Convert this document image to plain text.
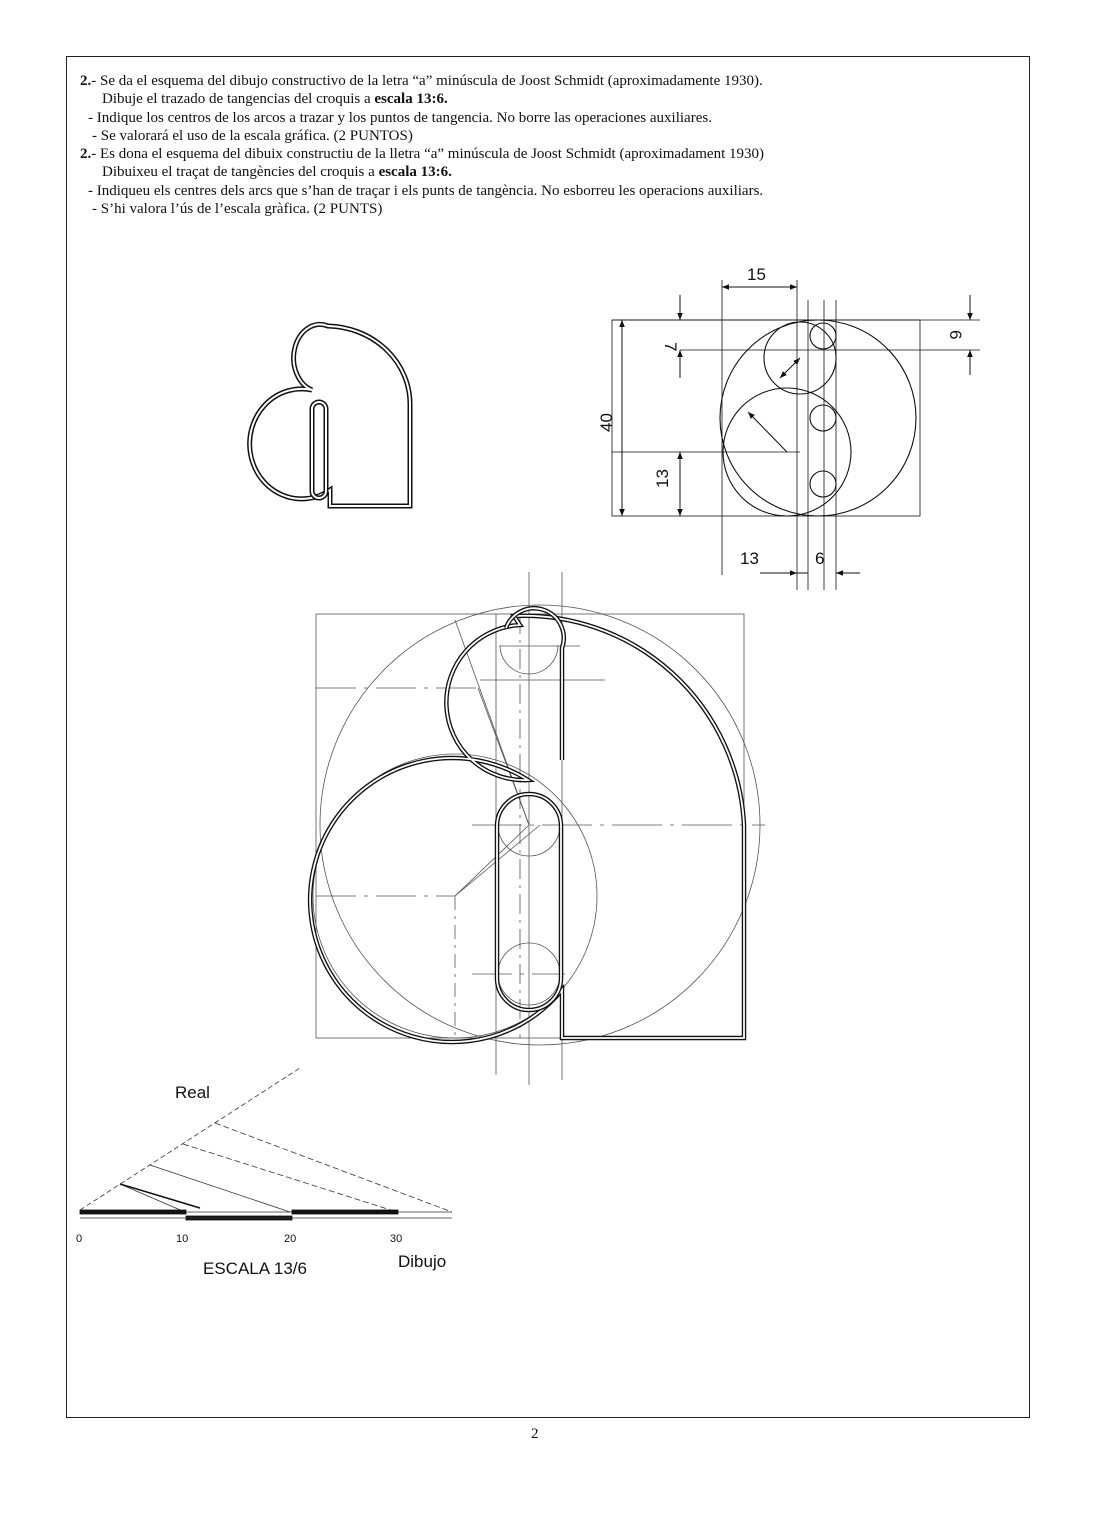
2.- Se da el esquema del dibujo constructivo de la letra “a” minúscula de Joost Schmidt (aproximadamente 1930).
Dibuje el trazado de tangencias del croquis a escala 13:6.
- Indique los centros de los arcos a trazar y los puntos de tangencia. No borre las operaciones auxiliares.
- Se valorará el uso de la escala gráfica. (2 PUNTOS)
2.- Es dona el esquema del dibuix constructiu de la lletra “a” minúscula de Joost Schmidt (aproximadament 1930)
Dibuixeu el traçat de tangències del croquis a escala 13:6.
- Indiqueu els centres dels arcs que s’han de traçar i els punts de tangència. No esborreu les operacions auxiliars.
- S’hi valora l’ús de l’escala gràfica. (2 PUNTS)
15
7
6
40
13
13	6
Real
Dibujo
ESCALA 13/6
0	10	20	30
2
